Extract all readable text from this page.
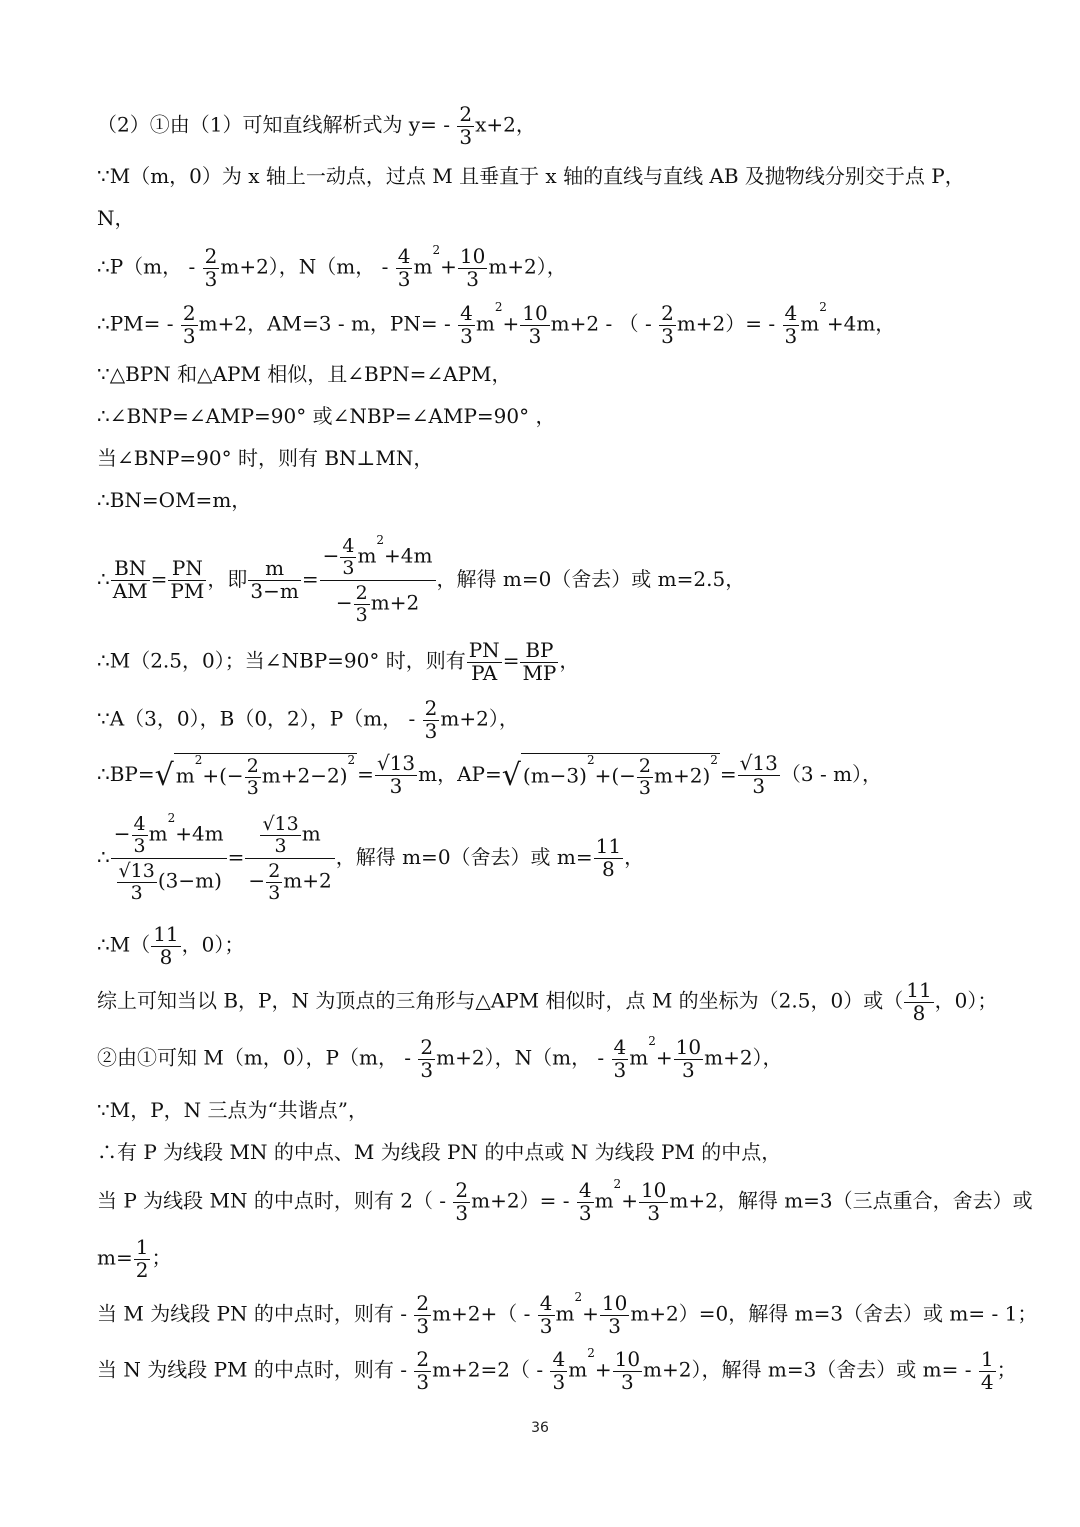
（2）①由（1）可知直线解析式为 $y= - \frac{2}{3} x+2$，
∵M（m，0）为 x 轴上一动点，过点 M 且垂直于 x 轴的直线与直线 AB 及抛物线分别交于点 P，
N，
∴P（m， - $\frac{2}{3} m+2$），N（m， - $\frac{4}{3} m^2+ \frac{10}{3} m+2$），
∴PM= - $\frac{2}{3} m+2$，AM=3 - m，$PN= - \frac{4}{3} m^2+ \frac{10}{3} m+2$ - （ - $\frac{2}{3} m+2)= - \frac{4}{3} m^2+4m$，
∵△BPN 和△APM 相似，且∠BPN=∠APM，
∴∠BNP=∠AMP=90° 或∠NBP=∠AMP=90° ，
当∠BNP=90° 时，则有 BN⊥MN，
∴BN=OM=m，
∴ $\frac{BN}{AM} = \frac{PN}{PM}$ ，即 $\frac{m}{3-m} = \frac{- \frac{4}{3} m^2+4m}{- \frac{2}{3} m+2}$ ，解得 m=0（舍去）或 m=2.5，
∴M（2.5，0）；当∠NBP=90° 时，则有 $\frac{PN}{PA} = \frac{BP}{MP}$ ，
∵A（3，0），B（0，2），P（m， - $\frac{2}{3} m+2$），
∴BP=√ $m^2+(- \frac{2}{3} m+2-2)^2= \frac{√13}{3}$ m，AP=√ $(m-3)^2+(- \frac{2}{3} m+2)^2= \frac{√13}{3} (3 - m)$，
∴ $\frac{- \frac{4}{3} m^2+4m}{\frac{√13}{3} (3-m)} = \frac{\frac{√13}{3} m}{- \frac{2}{3} m+2}$ ，解得 m=0（舍去）或 $m= \frac{11}{8}$ ，
∴M（ $\frac{11}{8}$ ，0）；
综上可知当以 B，P，N 为顶点的三角形与△APM 相似时，点 M 的坐标为（2.5，0）或（ $\frac{11}{8}$ ，0）；
②由①可知 M（m，0），P（m， - $\frac{2}{3} m+2$），N（m， - $\frac{4}{3} m^2+ \frac{10}{3} m+2$），
∵M，P，N 三点为“共谐点”，
∴有 P 为线段 MN 的中点、M 为线段 PN 的中点或 N 为线段 PM 的中点，
当 P 为线段 MN 的中点时，则有 $2( - \frac{2}{3} m+2)= - \frac{4}{3} m^2+ \frac{10}{3} m+2$，解得 m=3（三点重合，舍去）或
$m= \frac{1}{2}$ ；
当 M 为线段 PN 的中点时，则有 - $\frac{2}{3} m+2+( - \frac{4}{3} m^2+ \frac{10}{3} m+2)=0$，解得 m=3（舍去）或 m= - 1；
当 N 为线段 PM 的中点时，则有 - $\frac{2}{3} m+2=2( - \frac{4}{3} m^2+ \frac{10}{3} m+2)$，解得 m=3（舍去）或 $m= - \frac{1}{4}$ ；
36
